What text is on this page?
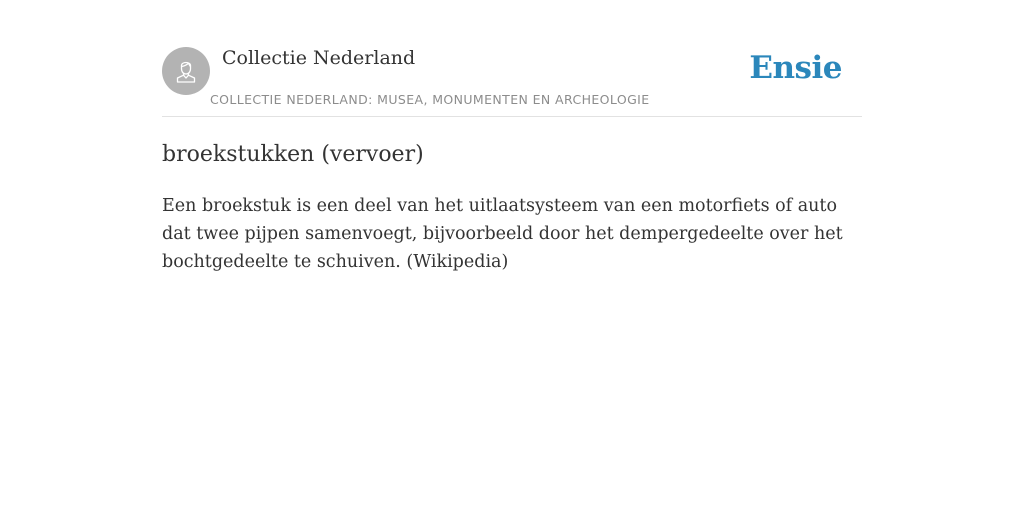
Collectie Nederland
COLLECTIE NEDERLAND: MUSEA, MONUMENTEN EN ARCHEOLOGIE
Ensie
broekstukken (vervoer)

Een broekstuk is een deel van het uitlaatsysteem van een motorfiets of auto dat twee pijpen samenvoegt, bijvoorbeeld door het dempergedeelte over het bochtgedeelte te schuiven. (Wikipedia)
